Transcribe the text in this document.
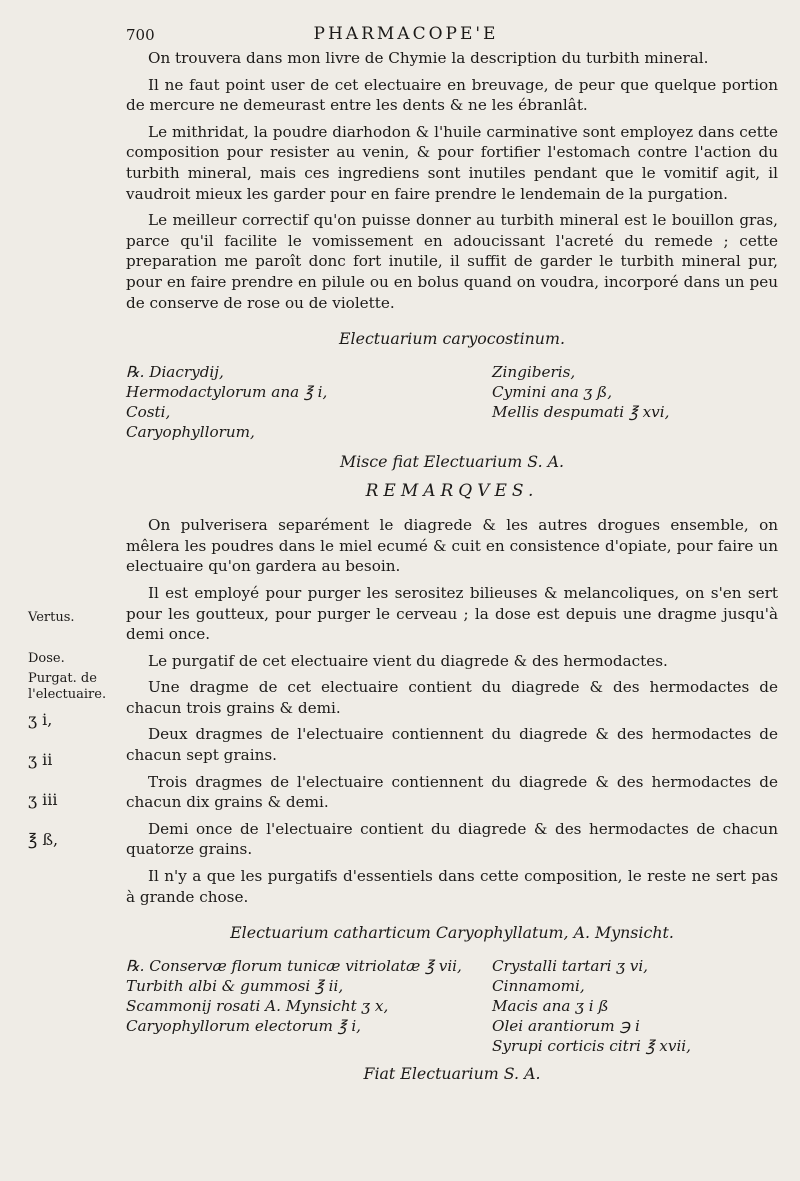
700	PHARMACOPE'E
Vertus.
Dose.
Purgat. de
l'electuaire.
ʒ i,
ʒ ii
ʒ iii
℥ ß,

On trouvera dans mon livre de Chymie la description du turbith mineral.

Il ne faut point user de cet electuaire en breuvage, de peur que quelque portion de mercure ne demeurast entre les dents & ne les ébranlât.

Le mithridat, la poudre diarhodon & l'huile carminative sont employez dans cette composition pour resister au venin, & pour fortifier l'estomach contre l'action du turbith mineral, mais ces ingrediens sont inutiles pendant que le vomitif agit, il vaudroit mieux les garder pour en faire prendre le lendemain de la purgation.

Le meilleur correctif qu'on puisse donner au turbith mineral est le bouillon gras, parce qu'il facilite le vomissement en adoucissant l'acreté du remede ; cette preparation me paroît donc fort inutile, il suffit de garder le turbith mineral pur, pour en faire prendre en pilule ou en bolus quand on voudra, incorporé dans un peu de conserve de rose ou de violette.

Electuarium caryocostinum.
℞. Diacrydij,
Hermodactylorum ana ℥ i,
Costi,
Caryophyllorum,
Zingiberis,
Cymini ana ʒ ß,
Mellis despumati ℥ xvi,
Misce fiat Electuarium S. A.
REMARQVES.

On pulverisera separément le diagrede & les autres drogues ensemble, on mêlera les poudres dans le miel ecumé & cuit en consistence d'opiate, pour faire un electuaire qu'on gardera au besoin.

Il est employé pour purger les serositez bilieuses & melancoliques, on s'en sert pour les goutteux, pour purger le cerveau ; la dose est depuis une dragme jusqu'à demi once.

Le purgatif de cet electuaire vient du diagrede & des hermodactes.

Une dragme de cet electuaire contient du diagrede & des hermodactes de chacun trois grains & demi.

Deux dragmes de l'electuaire contiennent du diagrede & des hermodactes de chacun sept grains.

Trois dragmes de l'electuaire contiennent du diagrede & des hermodactes de chacun dix grains & demi.

Demi once de l'electuaire contient du diagrede & des hermodactes de chacun quatorze grains.

Il n'y a que les purgatifs d'essentiels dans cette composition, le reste ne sert pas à grande chose.

Electuarium catharticum Caryophyllatum, A. Mynsicht.
℞. Conservæ florum tunicæ vitriolatæ ℥ vii,
Turbith albi & gummosi ℥ ii,
Scammonij rosati A. Mynsicht ʒ x,
Caryophyllorum electorum ℥ i,
Crystalli tartari ʒ vi,
Cinnamomi,
Macis ana ʒ i ß
Olei arantiorum ℈ i
Syrupi corticis citri ℥ xvii,
Fiat Electuarium S. A.
